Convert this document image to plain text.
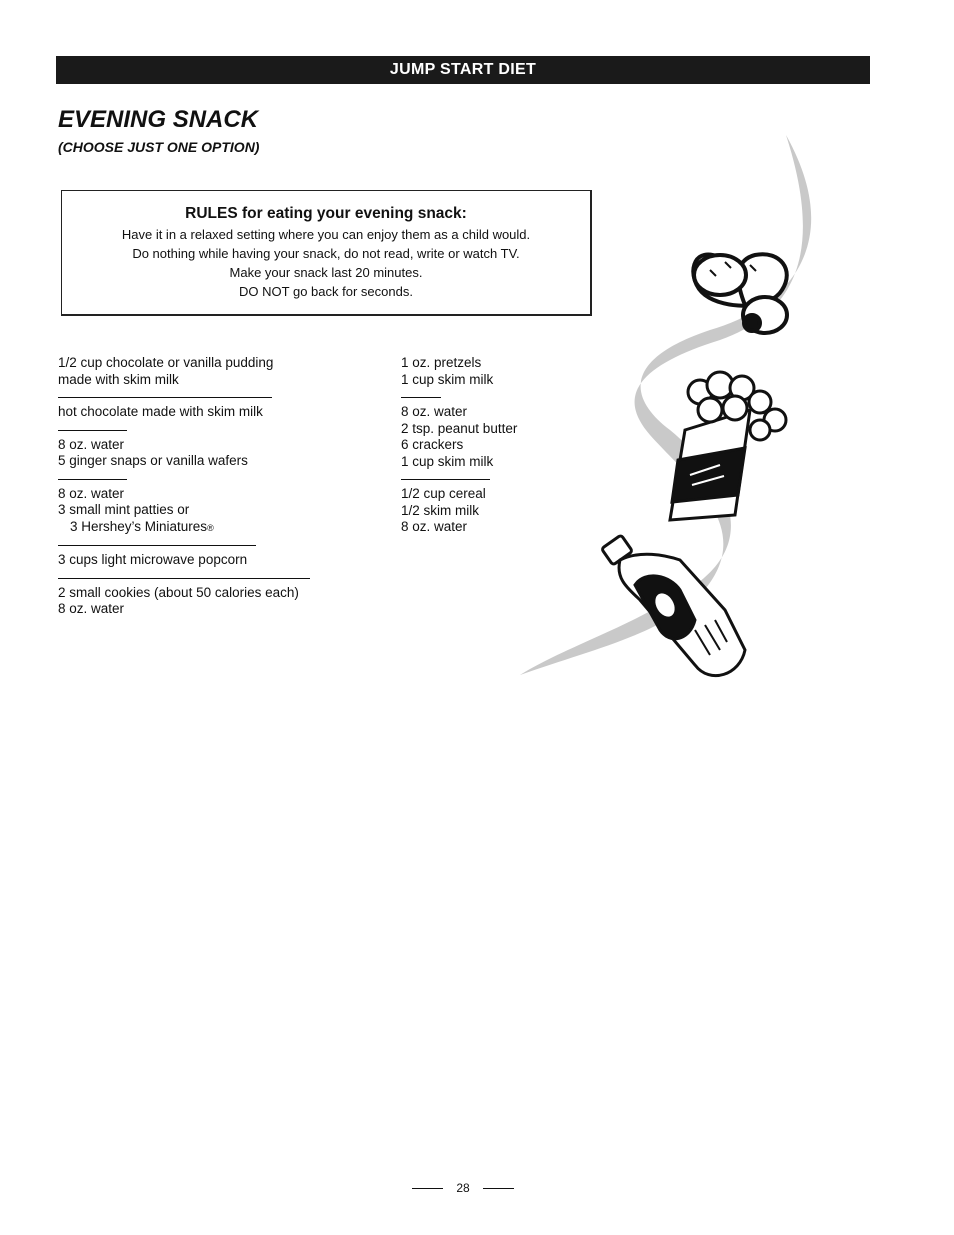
JUMP START DIET
EVENING SNACK
(CHOOSE JUST ONE OPTION)
RULES for eating your evening snack:
Have it in a relaxed setting where you can enjoy them as a child would.
Do nothing while having your snack, do not read, write or watch TV.
Make your snack last 20 minutes.
DO NOT go back for seconds.
1/2 cup chocolate or vanilla pudding
made with skim milk
hot chocolate made with skim milk
8 oz. water
5 ginger snaps or vanilla wafers
8 oz. water
3 small mint patties or
3 Hershey’s Miniatures®
3 cups light microwave popcorn
2 small cookies (about 50 calories each)
8 oz. water
1 oz. pretzels
1 cup skim milk
8 oz. water
2 tsp. peanut butter
6 crackers
1 cup skim milk
1/2 cup cereal
1/2 skim milk
8 oz. water
28
